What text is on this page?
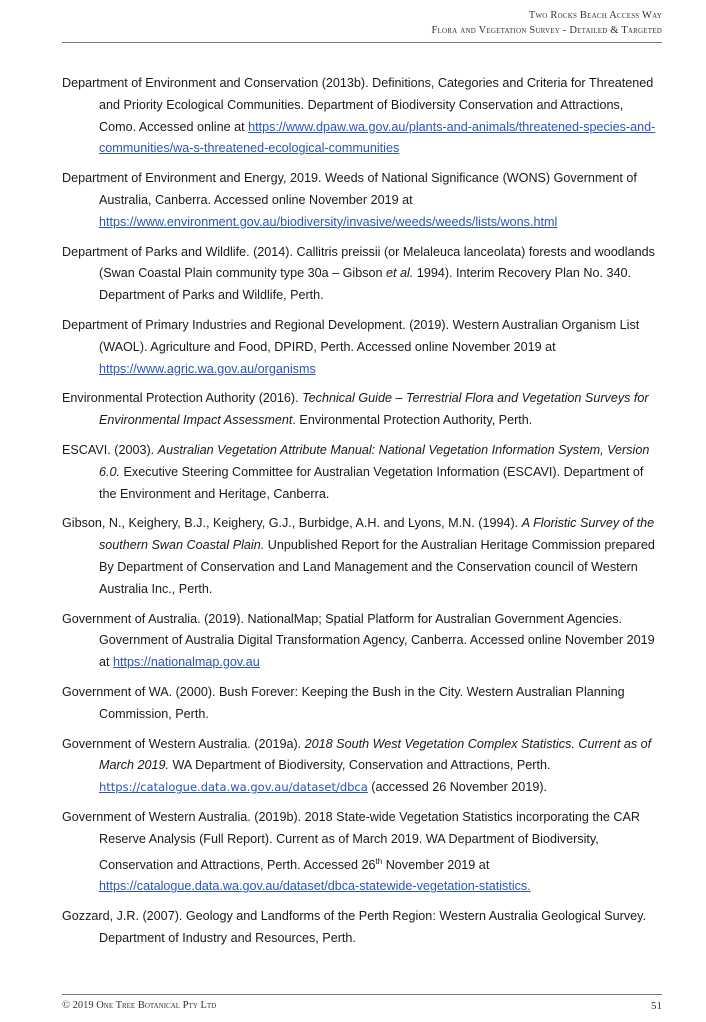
Two Rocks Beach Access Way
Flora and Vegetation Survey - Detailed & Targeted

Department of Environment and Conservation (2013b). Definitions, Categories and Criteria for Threatened and Priority Ecological Communities. Department of Biodiversity Conservation and Attractions, Como. Accessed online at https://www.dpaw.wa.gov.au/plants-and-animals/threatened-species-and-communities/wa-s-threatened-ecological-communities

Department of Environment and Energy, 2019. Weeds of National Significance (WONS) Government of Australia, Canberra. Accessed online November 2019 at https://www.environment.gov.au/biodiversity/invasive/weeds/weeds/lists/wons.html

Department of Parks and Wildlife. (2014). Callitris preissii (or Melaleuca lanceolata) forests and woodlands (Swan Coastal Plain community type 30a – Gibson et al. 1994). Interim Recovery Plan No. 340. Department of Parks and Wildlife, Perth.

Department of Primary Industries and Regional Development. (2019). Western Australian Organism List (WAOL). Agriculture and Food, DPIRD, Perth. Accessed online November 2019 at https://www.agric.wa.gov.au/organisms

Environmental Protection Authority (2016). Technical Guide – Terrestrial Flora and Vegetation Surveys for Environmental Impact Assessment. Environmental Protection Authority, Perth.

ESCAVI. (2003). Australian Vegetation Attribute Manual: National Vegetation Information System, Version 6.0. Executive Steering Committee for Australian Vegetation Information (ESCAVI). Department of the Environment and Heritage, Canberra.

Gibson, N., Keighery, B.J., Keighery, G.J., Burbidge, A.H. and Lyons, M.N. (1994). A Floristic Survey of the southern Swan Coastal Plain. Unpublished Report for the Australian Heritage Commission prepared By Department of Conservation and Land Management and the Conservation council of Western Australia Inc., Perth.

Government of Australia. (2019). NationalMap; Spatial Platform for Australian Government Agencies. Government of Australia Digital Transformation Agency, Canberra. Accessed online November 2019 at https://nationalmap.gov.au

Government of WA. (2000). Bush Forever: Keeping the Bush in the City. Western Australian Planning Commission, Perth.

Government of Western Australia. (2019a). 2018 South West Vegetation Complex Statistics. Current as of March 2019. WA Department of Biodiversity, Conservation and Attractions, Perth. https://catalogue.data.wa.gov.au/dataset/dbca (accessed 26 November 2019).

Government of Western Australia. (2019b). 2018 State-wide Vegetation Statistics incorporating the CAR Reserve Analysis (Full Report). Current as of March 2019. WA Department of Biodiversity, Conservation and Attractions, Perth. Accessed 26th November 2019 at https://catalogue.data.wa.gov.au/dataset/dbca-statewide-vegetation-statistics.

Gozzard, J.R. (2007). Geology and Landforms of the Perth Region: Western Australia Geological Survey. Department of Industry and Resources, Perth.

© 2019 One Tree Botanical Pty Ltd	51
